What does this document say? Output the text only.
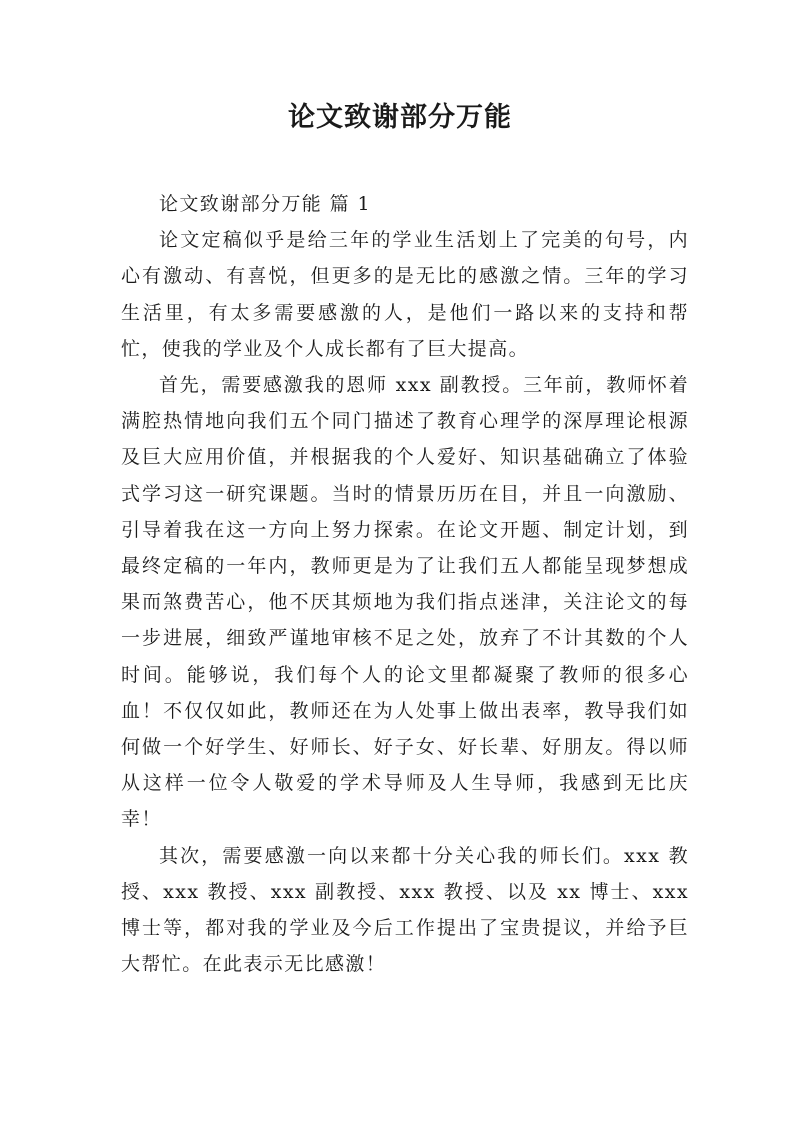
论文致谢部分万能

论文致谢部分万能 篇 1

论文定稿似乎是给三年的学业生活划上了完美的句号，内心有激动、有喜悦，但更多的是无比的感激之情。三年的学习生活里，有太多需要感激的人，是他们一路以来的支持和帮忙，使我的学业及个人成长都有了巨大提高。

首先，需要感激我的恩师 xxx 副教授。三年前，教师怀着满腔热情地向我们五个同门描述了教育心理学的深厚理论根源及巨大应用价值，并根据我的个人爱好、知识基础确立了体验式学习这一研究课题。当时的情景历历在目，并且一向激励、引导着我在这一方向上努力探索。在论文开题、制定计划，到最终定稿的一年内，教师更是为了让我们五人都能呈现梦想成果而煞费苦心，他不厌其烦地为我们指点迷津，关注论文的每一步进展，细致严谨地审核不足之处，放弃了不计其数的个人时间。能够说，我们每个人的论文里都凝聚了教师的很多心血！不仅仅如此，教师还在为人处事上做出表率，教导我们如何做一个好学生、好师长、好子女、好长辈、好朋友。得以师从这样一位令人敬爱的学术导师及人生导师，我感到无比庆幸！

其次，需要感激一向以来都十分关心我的师长们。xxx 教授、xxx 教授、xxx 副教授、xxx 教授、以及 xx 博士、xxx 博士等，都对我的学业及今后工作提出了宝贵提议，并给予巨大帮忙。在此表示无比感激！
